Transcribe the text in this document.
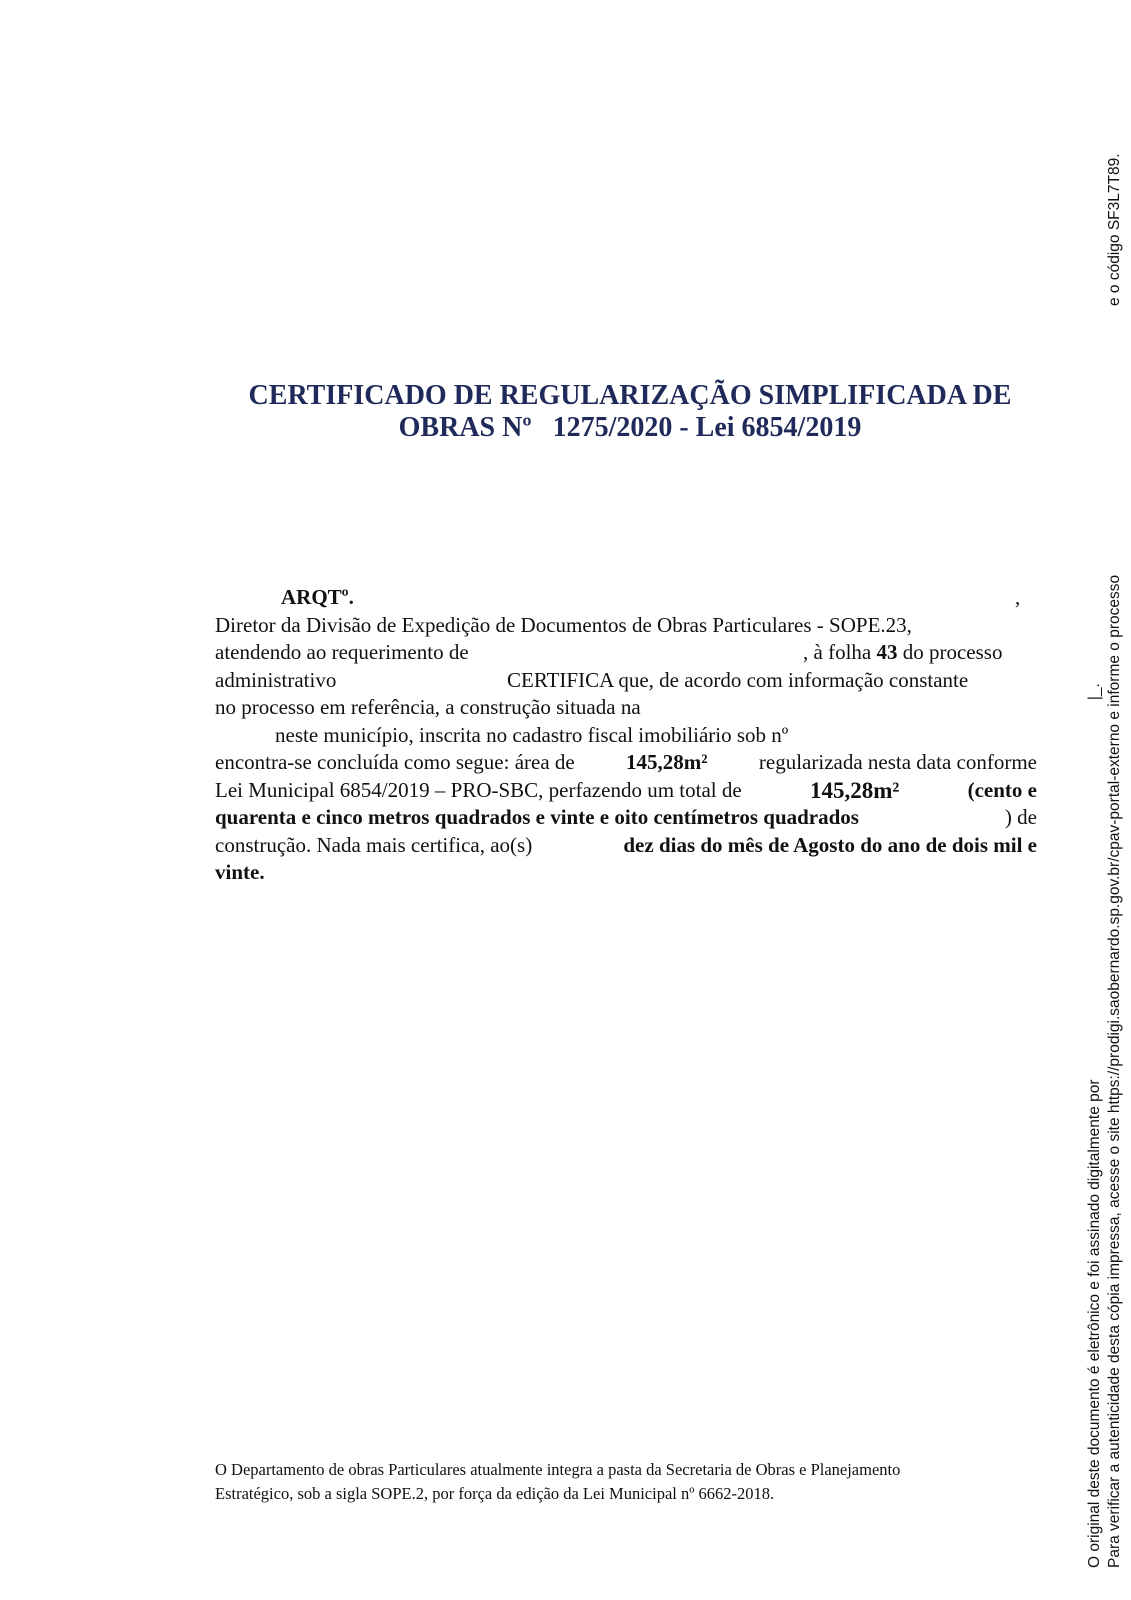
CERTIFICADO DE REGULARIZAÇÃO SIMPLIFICADA DE
OBRAS Nº   1275/2020 - Lei 6854/2019
ARQTº.	,
Diretor da Divisão de Expedição de Documentos de Obras Particulares - SOPE.23,
atendendo ao requerimento de	, à folha 43 do processo
administrativo	CERTIFICA que, de acordo com informação constante
no processo em referência, a construção situada na
neste município, inscrita no cadastro fiscal imobiliário sob nº
encontra-se concluída como segue: área de 145,28m² regularizada nesta data conforme
Lei Municipal 6854/2019 – PRO-SBC, perfazendo um total de	145,28m²	(cento e
quarenta e cinco metros quadrados e vinte e oito centímetros quadrados	) de
construção. Nada mais certifica, ao(s)	dez dias do mês de Agosto do ano de dois mil e
vinte.
O Departamento de obras Particulares atualmente integra a pasta da Secretaria de Obras e Planejamento
Estratégico, sob a sigla SOPE.2, por força da edição da Lei Municipal nº 6662-2018.	O original deste documento é eletrônico e foi assinado digitalmente por |_. Para verificar a autenticidade desta cópia impressa, acesse o site https://prodigi.saobernardo.sp.gov.br/cpav-portal-externo e informe o processo
e o código SF3L7T89.
